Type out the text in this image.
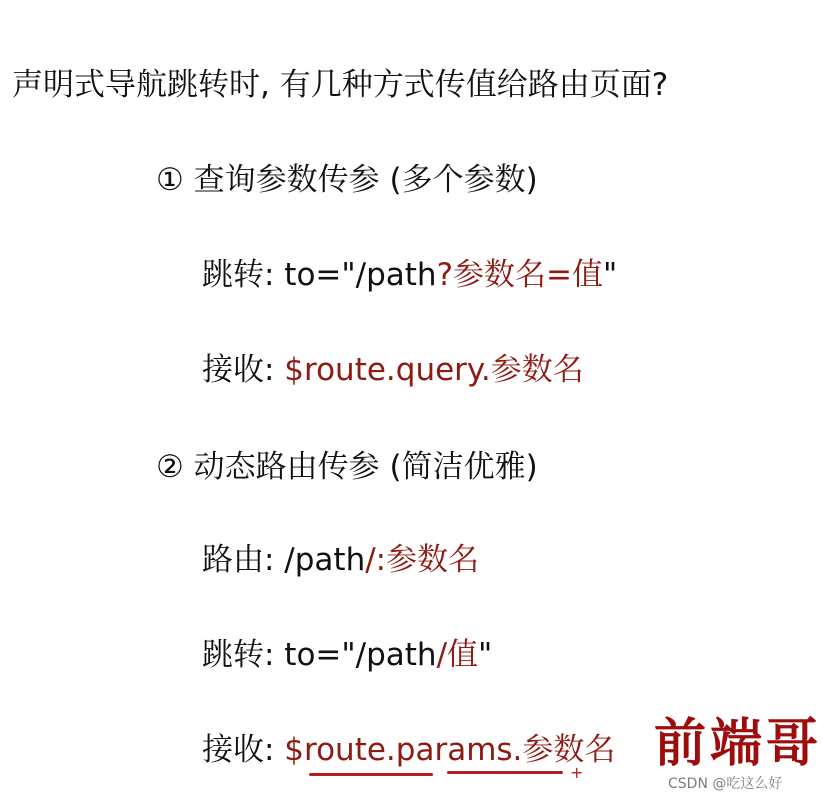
声明式导航跳转时, 有几种方式传值给路由页面?
① 查询参数传参 (多个参数)
跳转: to="/path?参数名=值"
接收: $route.query.参数名
② 动态路由传参 (简洁优雅)
路由: /path/:参数名
跳转: to="/path/值"
接收: $route.params.参数名
+ 前端哥
CSDN @吃这么好
